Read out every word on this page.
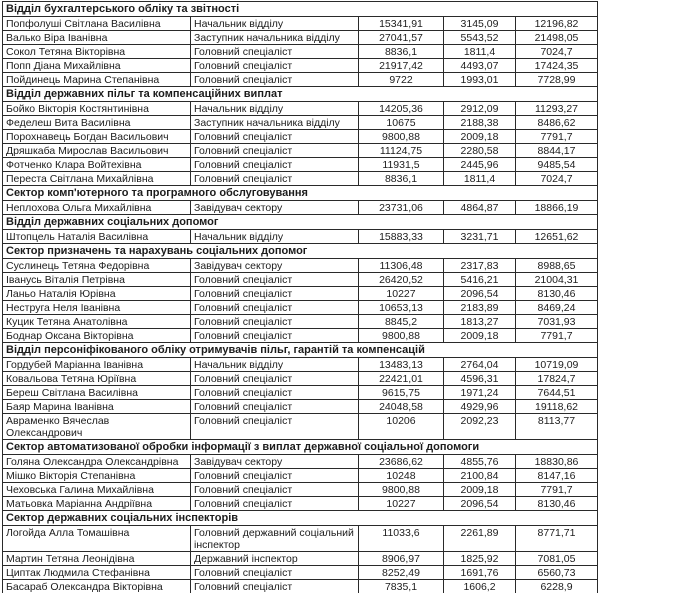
Відділ бухгалтерського обліку та звітності				
Попфолуші Світлана Василівна	Начальник відділу	15341,91	3145,09	12196,82
Валько Віра Іванівна	Заступник начальника відділу	27041,57	5543,52	21498,05
Сокол Тетяна Вікторівна	Головний спеціаліст	8836,1	1811,4	7024,7
Попп Діана Михайлівна	Головний спеціаліст	21917,42	4493,07	17424,35
Пойдинець Марина Степанівна	Головний спеціаліст	9722	1993,01	7728,99
Відділ державних пільг та компенсаційних виплат				
Бойко Вікторія Костянтинівна	Начальник відділу	14205,36	2912,09	11293,27
Феделеш Вита Василівна	Заступник начальника відділу	10675	2188,38	8486,62
Порохнавець Богдан Васильович	Головний спеціаліст	9800,88	2009,18	7791,7
Дряшкаба Мирослав Васильович	Головний спеціаліст	11124,75	2280,58	8844,17
Фотченко Клара Войтехівна	Головний спеціаліст	11931,5	2445,96	9485,54
Переста Світлана Михайлівна	Головний спеціаліст	8836,1	1811,4	7024,7
Сектор комп'ютерного та програмного обслуговування				
Неплохова Ольга Михайлівна	Завідувач сектору	23731,06	4864,87	18866,19
Відділ державних соціальних допомог				
Штопцель Наталія Василівна	Начальник відділу	15883,33	3231,71	12651,62
Сектор призначень та нарахувань соціальних допомог				
Суслинець Тетяна Федорівна	Завідувач сектору	11306,48	2317,83	8988,65
Іванусь Віталія Петрівна	Головний спеціаліст	26420,52	5416,21	21004,31
Ланьо Наталія Юрівна	Головний спеціаліст	10227	2096,54	8130,46
Неструга Неля Іванівна	Головний спеціаліст	10653,13	2183,89	8469,24
Куцик Тетяна Анатолівна	Головний спеціаліст	8845,2	1813,27	7031,93
Боднар Оксана Вікторівна	Головний спеціаліст	9800,88	2009,18	7791,7
Відділ персоніфікованого обліку отримувачів пільг, гарантій та компенсацій				
Гордубей Маріанна Іванівна	Начальник відділу	13483,13	2764,04	10719,09
Ковальова Тетяна Юріївна	Головний спеціаліст	22421,01	4596,31	17824,7
Береш Світлана Василівна	Головний спеціаліст	9615,75	1971,24	7644,51
Баяр Марина Іванівна	Головний спеціаліст	24048,58	4929,96	19118,62
Авраменко Вячеслав Олександрович	Головний спеціаліст	10206	2092,23	8113,77
Сектор автоматизованої обробки інформації з виплат державної соціальної допомоги				
Голяна Олександра Олександрівна	Завідувач сектору	23686,62	4855,76	18830,86
Мішко Вікторія Степанівна	Головний спеціаліст	10248	2100,84	8147,16
Чеховська Галина Михайлівна	Головний спеціаліст	9800,88	2009,18	7791,7
Матьовка Маріанна Андріївна	Головний спеціаліст	10227	2096,54	8130,46
Сектор державних соціальних інспекторів				
Логойда Алла Томашівна	Головний державний соціальний інспектор	11033,6	2261,89	8771,71
Мартин Тетяна Леонідівна	Державний інспектор	8906,97	1825,92	7081,05
Циптак Людмила Стефанівна	Головний спеціаліст	8252,49	1691,76	6560,73
Басараб Олександра Вікторівна	Головний спеціаліст	7835,1	1606,2	6228,9
